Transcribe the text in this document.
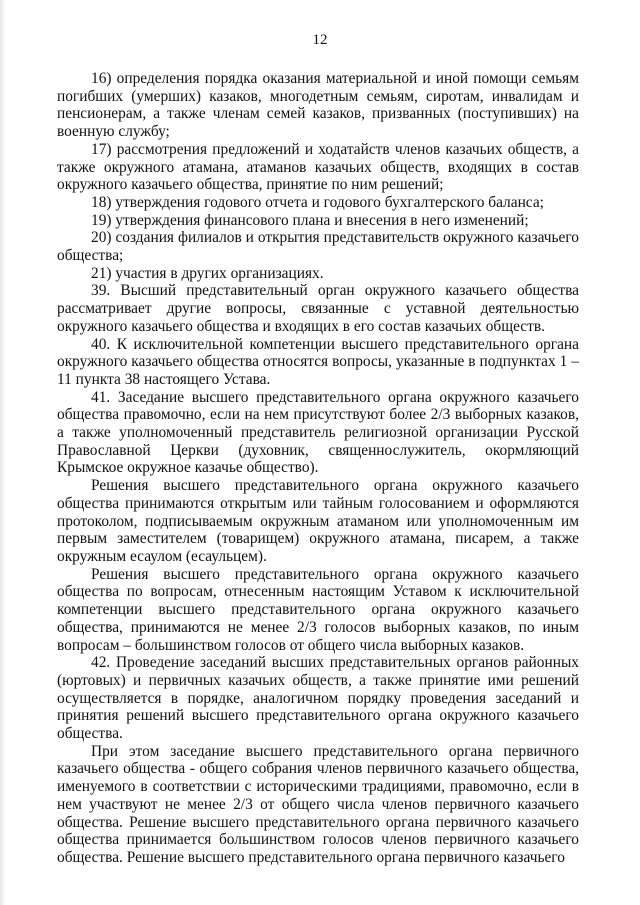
12

16) определения порядка оказания материальной и иной помощи семьям погибших (умерших) казаков, многодетным семьям, сиротам, инвалидам и пенсионерам, а также членам семей казаков, призванных (поступивших) на военную службу;

17) рассмотрения предложений и ходатайств членов казачьих обществ, а также окружного атамана, атаманов казачьих обществ, входящих в состав окружного казачьего общества, принятие по ним решений;

18) утверждения годового отчета и годового бухгалтерского баланса;

19) утверждения финансового плана и внесения в него изменений;

20) создания филиалов и открытия представительств окружного казачьего общества;

21) участия в других организациях.

39. Высший представительный орган окружного казачьего общества рассматривает другие вопросы, связанные с уставной деятельностью окружного казачьего общества и входящих в его состав казачьих обществ.

40. К исключительной компетенции высшего представительного органа окружного казачьего общества относятся вопросы, указанные в подпунктах 1 – 11 пункта 38 настоящего Устава.

41. Заседание высшего представительного органа окружного казачьего общества правомочно, если на нем присутствуют более 2/3 выборных казаков, а также уполномоченный представитель религиозной организации Русской Православной Церкви (духовник, священнослужитель, окормляющий Крымское окружное казачье общество).

Решения высшего представительного органа окружного казачьего общества принимаются открытым или тайным голосованием и оформляются протоколом, подписываемым окружным атаманом или уполномоченным им первым заместителем (товарищем) окружного атамана, писарем, а также окружным есаулом (есаульцем).

Решения высшего представительного органа окружного казачьего общества по вопросам, отнесенным настоящим Уставом к исключительной компетенции высшего представительного органа окружного казачьего общества, принимаются не менее 2/3 голосов выборных казаков, по иным вопросам – большинством голосов от общего числа выборных казаков.

42. Проведение заседаний высших представительных органов районных (юртовых) и первичных казачьих обществ, а также принятие ими решений осуществляется в порядке, аналогичном порядку проведения заседаний и принятия решений высшего представительного органа окружного казачьего общества.

При этом заседание высшего представительного органа первичного казачьего общества - общего собрания членов первичного казачьего общества, именуемого в соответствии с историческими традициями, правомочно, если в нем участвуют не менее 2/3 от общего числа членов первичного казачьего общества. Решение высшего представительного органа первичного казачьего общества принимается большинством голосов членов первичного казачьего общества. Решение высшего представительного органа первичного казачьего
